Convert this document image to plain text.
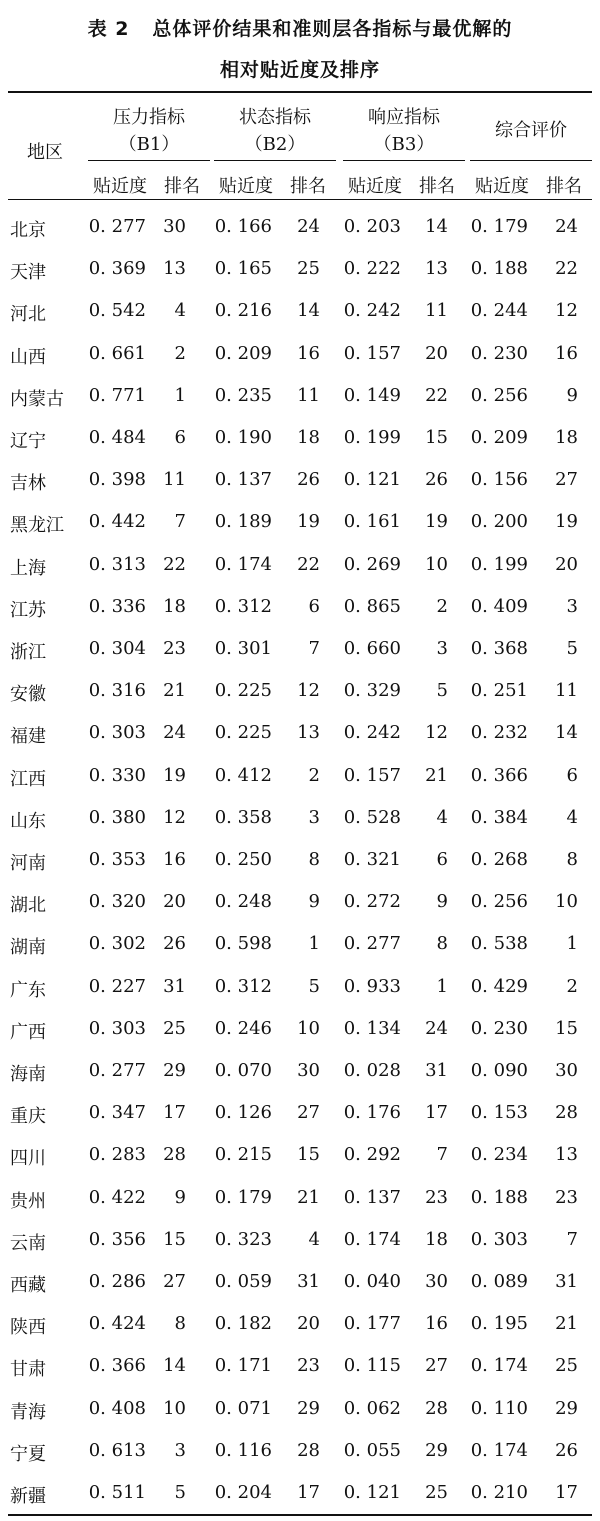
表 2 总体评价结果和准则层各指标与最优解的
相对贴近度及排序
地区
压力指标
（B1）
状态指标
（B2）
响应指标
（B3）
综合评价
贴近度 排名	贴近度 排名	贴近度 排名	贴近度 排名
北京	0. 277 30 0. 166	24 0. 203	14 0. 179	24
天津	0. 369 13 0. 165	25 0. 222	13 0. 188	22
河北	0. 542	4 0. 216	14 0. 242	11 0. 244	12
山西	0. 661	2 0. 209	16 0. 157	20 0. 230	16
内蒙古	0. 771	1 0. 235	11 0. 149	22 0. 256	9
辽宁	0. 484	6 0. 190	18 0. 199	15 0. 209	18
吉林	0. 398 11 0. 137	26 0. 121	26 0. 156	27
黑龙江	0. 442	7 0. 189	19 0. 161	19 0. 200	19
上海	0. 313 22 0. 174	22 0. 269	10 0. 199	20
江苏	0. 336 18 0. 312	6 0. 865	2 0. 409	3
浙江	0. 304 23 0. 301	7 0. 660	3 0. 368	5
安徽	0. 316 21 0. 225	12 0. 329	5 0. 251	11
福建	0. 303 24 0. 225	13 0. 242	12 0. 232	14
江西	0. 330 19 0. 412	2 0. 157	21 0. 366	6
山东	0. 380 12 0. 358	3 0. 528	4 0. 384	4
河南	0. 353 16 0. 250	8 0. 321	6 0. 268	8
湖北	0. 320 20 0. 248	9 0. 272	9 0. 256	10
湖南	0. 302 26 0. 598	1 0. 277	8 0. 538	1
广东	0. 227 31 0. 312	5 0. 933	1 0. 429	2
广西	0. 303 25 0. 246	10 0. 134	24 0. 230	15
海南	0. 277 29 0. 070	30 0. 028	31 0. 090	30
重庆	0. 347 17 0. 126	27 0. 176	17 0. 153	28
四川	0. 283 28 0. 215	15 0. 292	7 0. 234	13
贵州	0. 422	9 0. 179	21 0. 137	23 0. 188	23
云南	0. 356 15 0. 323	4 0. 174	18 0. 303	7
西藏	0. 286 27 0. 059	31 0. 040	30 0. 089	31
陕西	0. 424	8 0. 182	20 0. 177	16 0. 195	21
甘肃	0. 366 14 0. 171	23 0. 115	27 0. 174	25
青海	0. 408 10 0. 071	29 0. 062	28 0. 110	29
宁夏	0. 613	3 0. 116	28 0. 055	29 0. 174	26
新疆	0. 511	5 0. 204	17 0. 121	25 0. 210	17
